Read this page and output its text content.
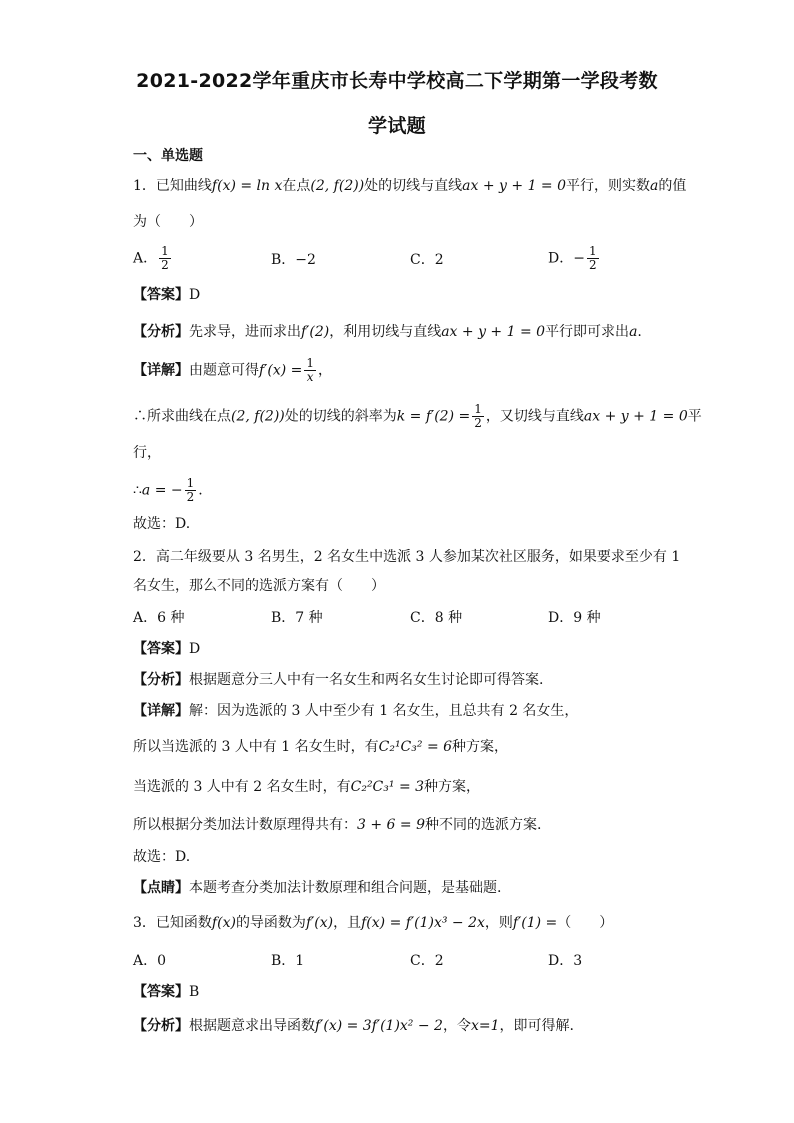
2021-2022学年重庆市长寿中学校高二下学期第一学段考数
学试题
一、单选题
1．已知曲线f(x) = ln x在点(2, f(2))处的切线与直线ax + y + 1 = 0平行，则实数a的值
为（　　）
A． $\frac{1}{2}$	B．−2	C．2	D．− $\frac{1}{2}$
【答案】D
【分析】先求导，进而求出f′(2)，利用切线与直线ax + y + 1 = 0平行即可求出a.
【详解】由题意可得$f'(x) = \frac{1}{x}$ ，
∴所求曲线在点(2, f(2))处的切线的斜率为$k = f'(2) = \frac{1}{2}$ ，又切线与直线ax + y + 1 = 0平
行，
∴a = − $\frac{1}{2}$ .
故选：D.
2．高二年级要从 3 名男生，2 名女生中选派 3 人参加某次社区服务，如果要求至少有 1
名女生，那么不同的选派方案有（　　）
A．6 种	B．7 种	C．8 种	D．9 种
【答案】D
【分析】根据题意分三人中有一名女生和两名女生讨论即可得答案.
【详解】解：因为选派的 3 人中至少有 1 名女生，且总共有 2 名女生，
所以当选派的 3 人中有 1 名女生时，有C₂¹C₃² = 6种方案，
当选派的 3 人中有 2 名女生时，有C₂²C₃¹ = 3种方案，
所以根据分类加法计数原理得共有：3 + 6 = 9种不同的选派方案.
故选：D.
【点睛】本题考查分类加法计数原理和组合问题，是基础题.
3．已知函数f(x)的导函数为f′(x)，且f(x) = f′(1)x³ − 2x，则f′(1) =（　　）
A．0	B．1	C．2	D．3
【答案】B
【分析】根据题意求出导函数f′(x) = 3f′(1)x² − 2，令x=1，即可得解.
